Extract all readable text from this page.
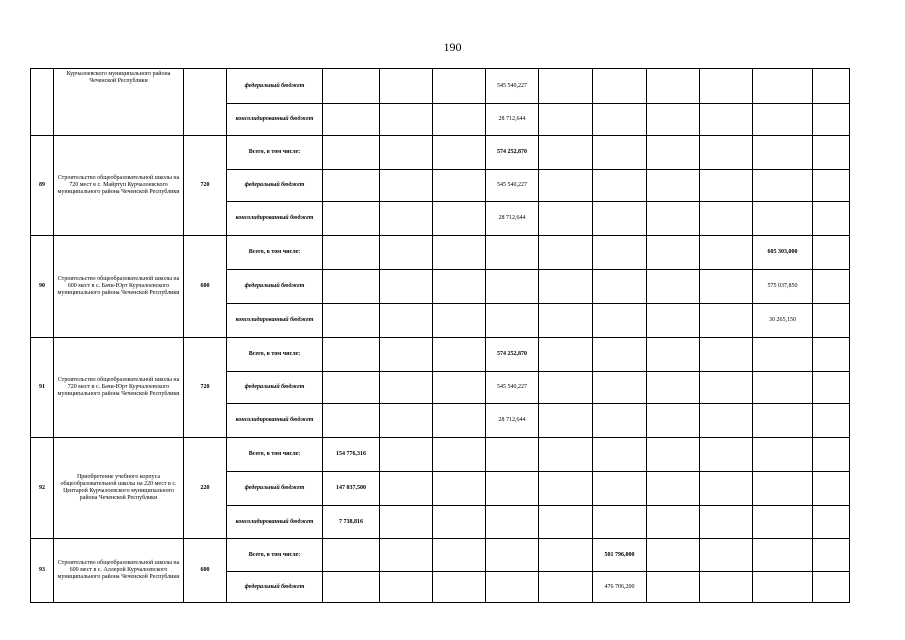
190
	Курчалоевского муниципального района Чеченской Республики		федеральный бюджет				545 540,227						
			консолидированный бюджет				28 712,644						
89	Строительство общеобразовательной школы на 720 мест в с. Майртуп Курчалоевского муниципального района Чеченской Республики	720	Всего, в том числе:				574 252,870						
			федеральный бюджет				545 540,227						
			консолидированный бюджет				28 712,644						
90	Строительство общеобразовательной школы на 600 мест в с. Бачи-Юрт Курчалоевского муниципального района Чеченской Республики	600	Всего, в том числе:									605 303,000	
			федеральный бюджет									575 037,850	
			консолидированный бюджет									30 265,150	
91	Строительство общеобразовательной школы на 720 мест в с. Бачи-Юрт Курчалоевского муниципального района Чеченской Республики	720	Всего, в том числе:				574 252,870						
			федеральный бюджет				545 540,227						
			консолидированный бюджет				28 712,644						
92	Приобретение учебного корпуса общеобразовательной школы на 220 мест в с. Центарой Курчалоевского муниципального района Чеченской Республики	220	Всего, в том числе:	154 776,316									
			федеральный бюджет	147 037,500									
			консолидированный бюджет	7 738,816									
93	Строительство общеобразовательной школы на 600 мест в с. Аллерой Курчалоевского муниципального района Чеченской Республики	600	Всего, в том числе:						501 796,000				
			федеральный бюджет						476 706,200				
